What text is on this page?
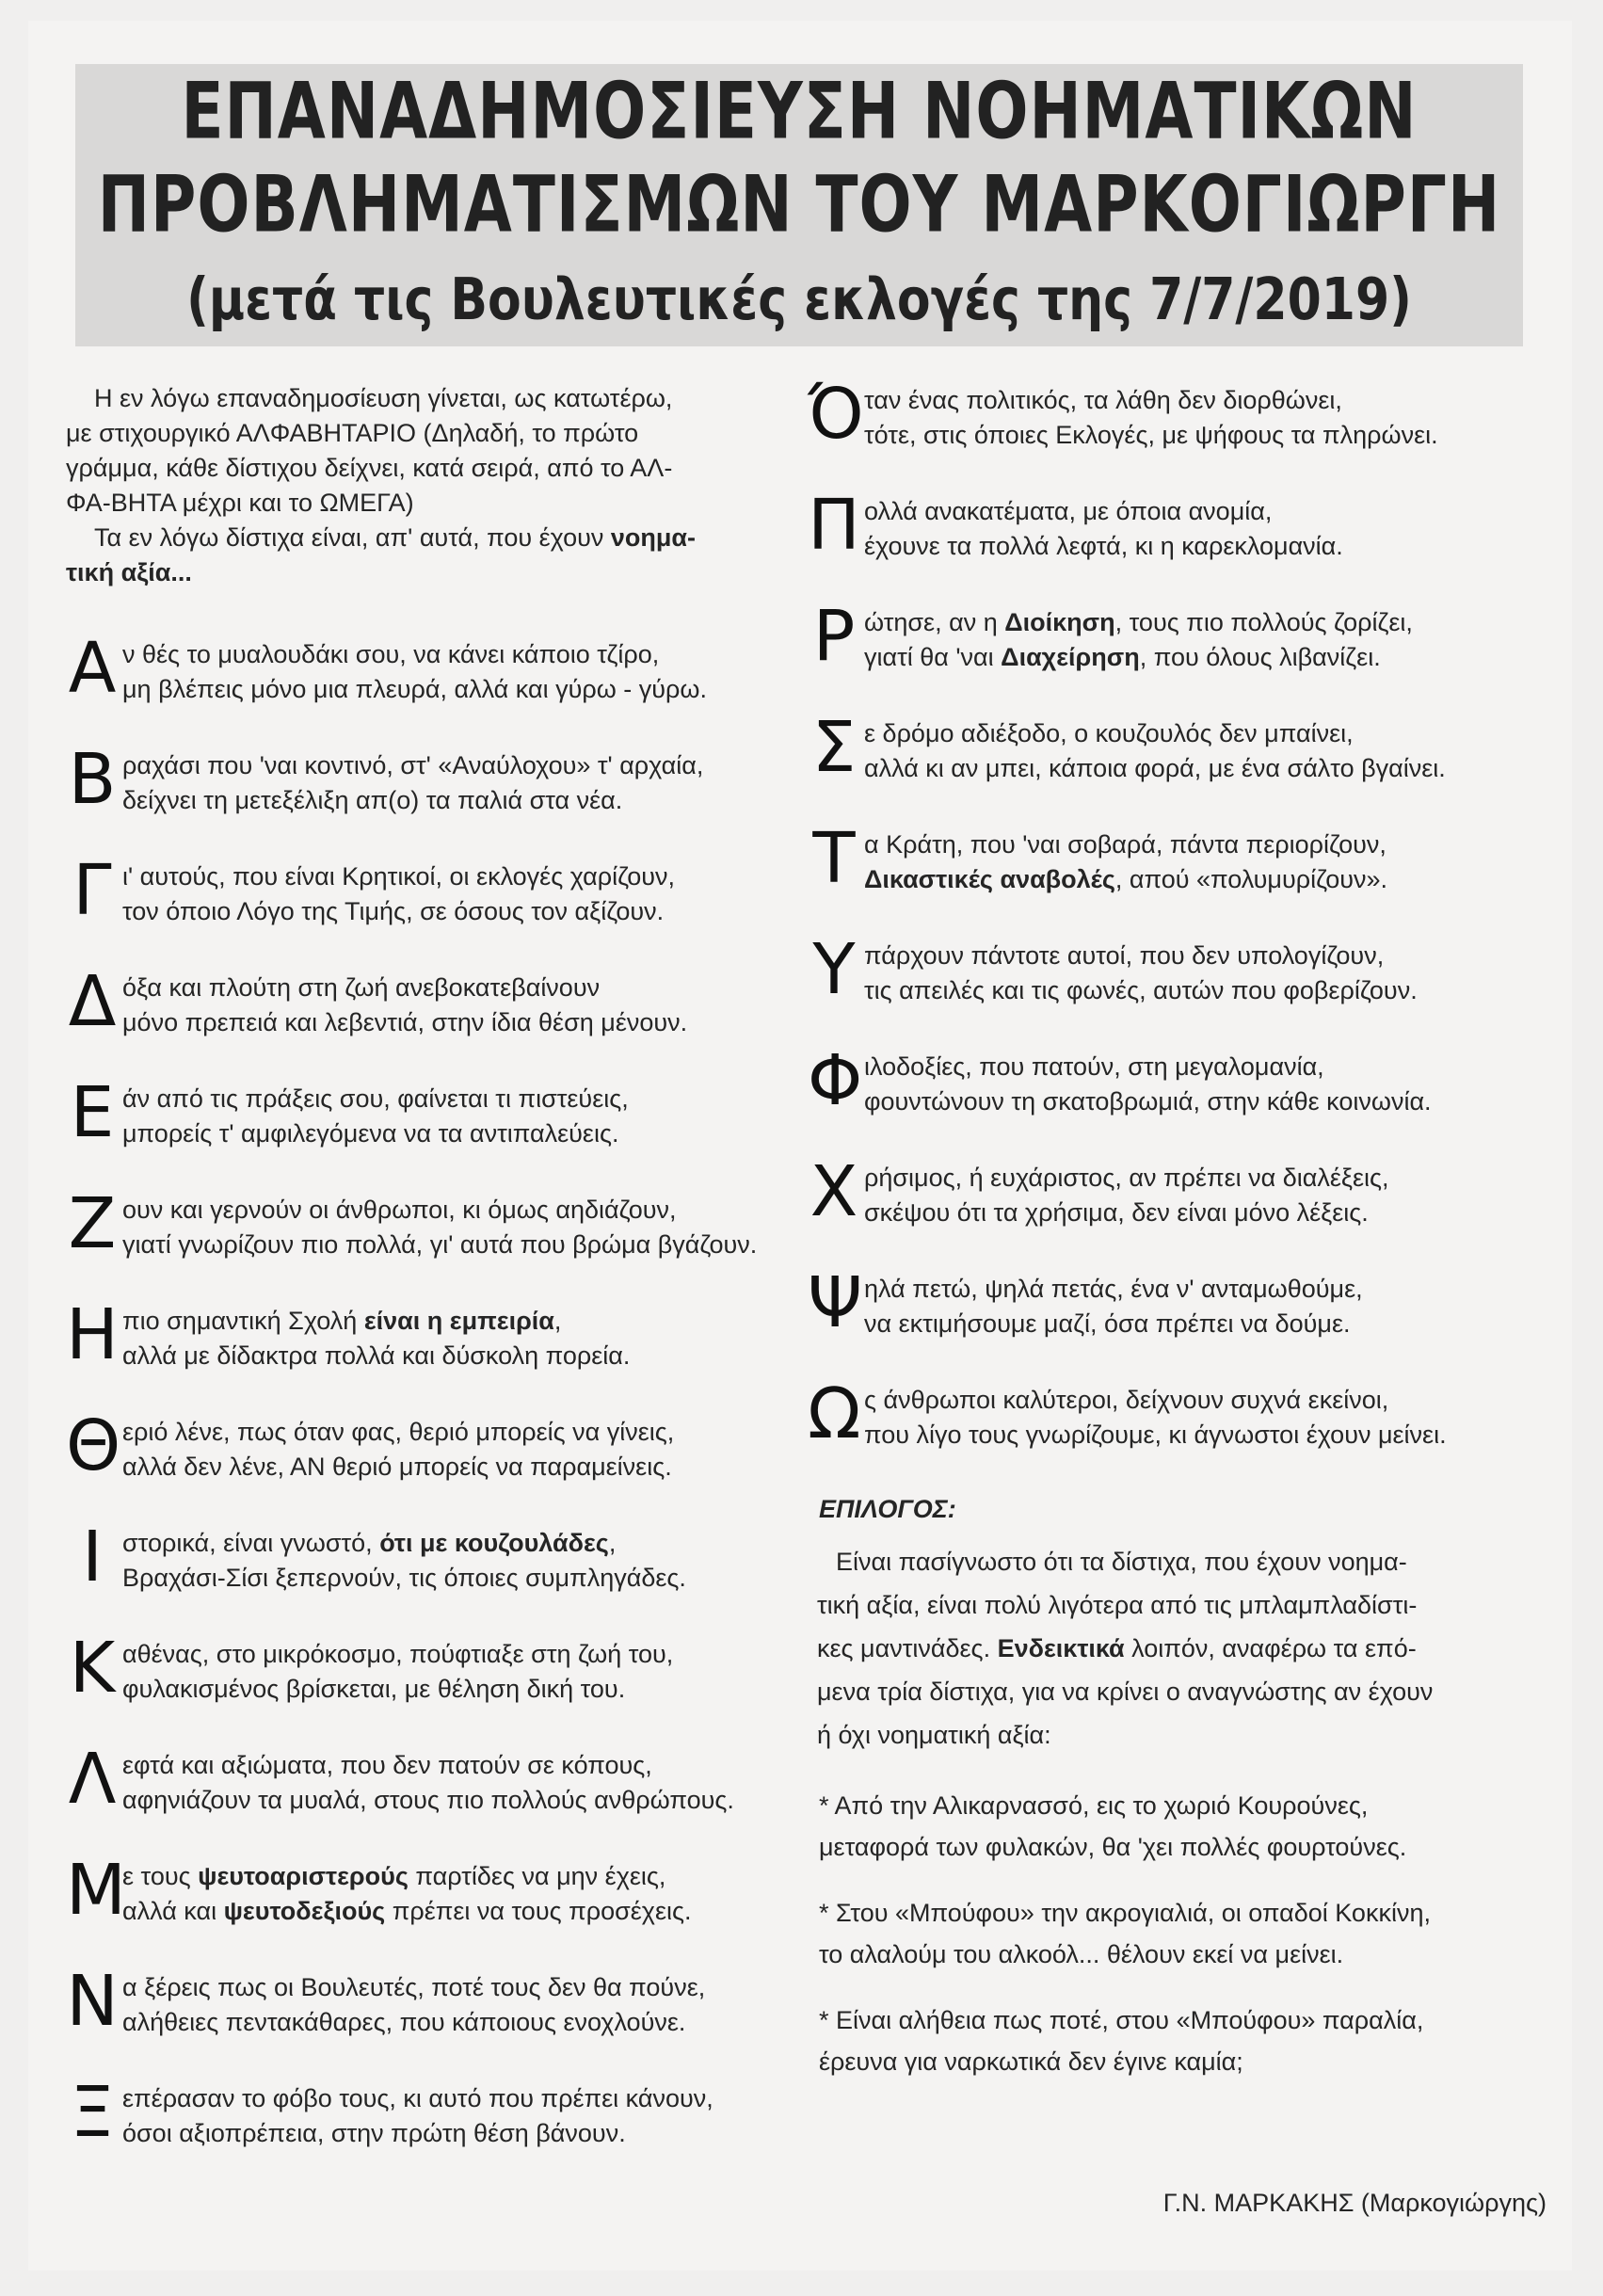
ΕΠΑΝΑΔΗΜΟΣΙΕΥΣΗ ΝΟΗΜΑΤΙΚΩΝ
ΠΡΟΒΛΗΜΑΤΙΣΜΩΝ ΤΟΥ ΜΑΡΚΟΓΙΩΡΓΗ
(μετά τις Βουλευτικές εκλογές της 7/7/2019)

Η εν λόγω επαναδημοσίευση γίνεται, ως κατωτέρω,
με στιχουργικό ΑΛΦΑΒΗΤΑΡΙΟ (Δηλαδή, το πρώτο
γράμμα, κάθε δίστιχου δείχνει, κατά σειρά, από το ΑΛ-
ΦΑ-ΒΗΤΑ μέχρι και το ΩΜΕΓΑ)

Τα εν λόγω δίστιχα είναι, απ' αυτά, που έχουν νοημα-
τική αξία...

Α ν θές το μυαλουδάκι σου, να κάνει κάποιο τζίρο,
μη βλέπεις μόνο μια πλευρά, αλλά και γύρω - γύρω.
Β ραχάσι που 'ναι κοντινό, στ' «Αναύλοχου» τ' αρχαία,
δείχνει τη μετεξέλιξη απ(ο) τα παλιά στα νέα.
Γ ι' αυτούς, που είναι Κρητικοί, οι εκλογές χαρίζουν,
τον όποιο Λόγο της Τιμής, σε όσους τον αξίζουν.
Δ όξα και πλούτη στη ζωή ανεβοκατεβαίνουν
μόνο πρεπειά και λεβεντιά, στην ίδια θέση μένουν.
Ε άν από τις πράξεις σου, φαίνεται τι πιστεύεις,
μπορείς τ' αμφιλεγόμενα να τα αντιπαλεύεις.
Ζ ουν και γερνούν οι άνθρωποι, κι όμως αηδιάζουν,
γιατί γνωρίζουν πιο πολλά, γι' αυτά που βρώμα βγάζουν.
Η πιο σημαντική Σχολή είναι η εμπειρία,
αλλά με δίδακτρα πολλά και δύσκολη πορεία.
Θ εριό λένε, πως όταν φας, θεριό μπορείς να γίνεις,
αλλά δεν λένε, ΑΝ θεριό μπορείς να παραμείνεις.
Ι στορικά, είναι γνωστό, ότι με κουζουλάδες,
Βραχάσι-Σίσι ξεπερνούν, τις όποιες συμπληγάδες.
Κ αθένας, στο μικρόκοσμο, πούφτιαξε στη ζωή του,
φυλακισμένος βρίσκεται, με θέληση δική του.
Λ εφτά και αξιώματα, που δεν πατούν σε κόπους,
αφηνιάζουν τα μυαλά, στους πιο πολλούς ανθρώπους.
Μ
ε τους ψευτοαριστερούς παρτίδες να μην έχεις,
αλλά και ψευτοδεξιούς πρέπει να τους προσέχεις.
Ν α ξέρεις πως οι Βουλευτές, ποτέ τους δεν θα πούνε,
αλήθειες πεντακάθαρες, που κάποιους ενοχλούνε.
Ξ επέρασαν το φόβο τους, κι αυτό που πρέπει κάνουν,
όσοι αξιοπρέπεια, στην πρώτη θέση βάνουν.
Ό ταν ένας πολιτικός, τα λάθη δεν διορθώνει,
τότε, στις όποιες Εκλογές, με ψήφους τα πληρώνει.
Π ολλά ανακατέματα, με όποια ανομία,
έχουνε τα πολλά λεφτά, κι η καρεκλομανία.
Ρ ώτησε, αν η Διοίκηση, τους πιο πολλούς ζορίζει,
γιατί θα 'ναι Διαχείρηση, που όλους λιβανίζει.
Σ ε δρόμο αδιέξοδο, ο κουζουλός δεν μπαίνει,
αλλά κι αν μπει, κάποια φορά, με ένα σάλτο βγαίνει.
Τ α Κράτη, που 'ναι σοβαρά, πάντα περιορίζουν,
Δικαστικές αναβολές, απού «πολυμυρίζουν».
Υ πάρχουν πάντοτε αυτοί, που δεν υπολογίζουν,
τις απειλές και τις φωνές, αυτών που φοβερίζουν.
Φ ιλοδοξίες, που πατούν, στη μεγαλομανία,
φουντώνουν τη σκατοβρωμιά, στην κάθε κοινωνία.
Χ ρήσιμος, ή ευχάριστος, αν πρέπει να διαλέξεις,
σκέψου ότι τα χρήσιμα, δεν είναι μόνο λέξεις.
Ψ ηλά πετώ, ψηλά πετάς, ένα ν' ανταμωθούμε,
να εκτιμήσουμε μαζί, όσα πρέπει να δούμε.
Ω ς άνθρωποι καλύτεροι, δείχνουν συχνά εκείνοι,
που λίγο τους γνωρίζουμε, κι άγνωστοι έχουν μείνει.
ΕΠΙΛΟΓΟΣ:

Είναι πασίγνωστο ότι τα δίστιχα, που έχουν νοημα-
τική αξία, είναι πολύ λιγότερα από τις μπλαμπλαδίστι-
κες μαντινάδες. Ενδεικτικά λοιπόν, αναφέρω τα επό-
μενα τρία δίστιχα, για να κρίνει ο αναγνώστης αν έχουν
ή όχι νοηματική αξία:

* Από την Αλικαρνασσό, εις το χωριό Κουρούνες,
μεταφορά των φυλακών, θα 'χει πολλές φουρτούνες.
* Στου «Μπούφου» την ακρογιαλιά, οι οπαδοί Κοκκίνη,
το αλαλούμ του αλκοόλ... θέλουν εκεί να μείνει.
* Είναι αλήθεια πως ποτέ, στου «Μπούφου» παραλία,
έρευνα για ναρκωτικά δεν έγινε καμία;
Γ.Ν. ΜΑΡΚΑΚΗΣ (Μαρκογιώργης)
